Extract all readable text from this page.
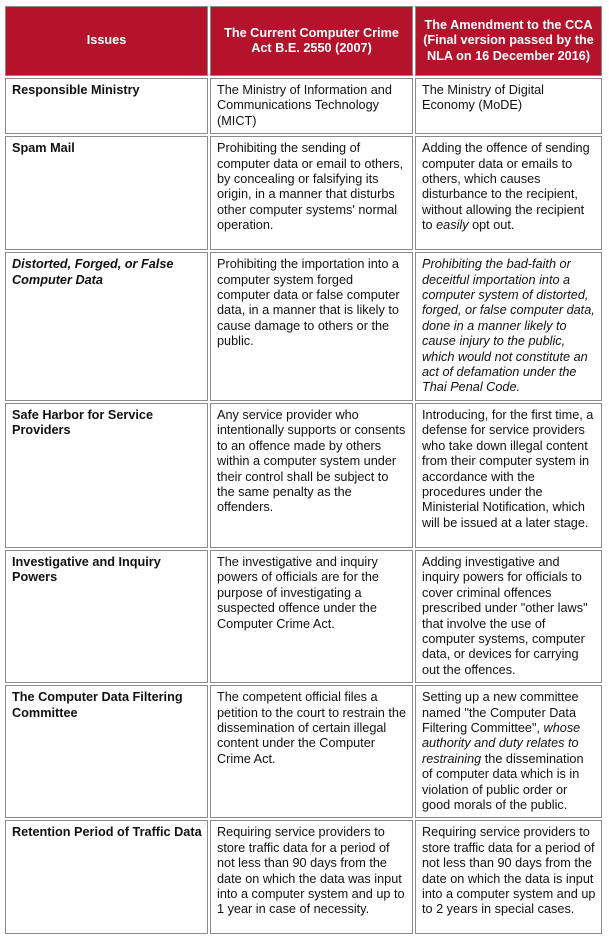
Issues	The Current Computer Crime Act B.E. 2550 (2007)	The Amendment to the CCA (Final version passed by the NLA on 16 December 2016)
Responsible Ministry	The Ministry of Information and Communications Technology (MICT)	The Ministry of Digital Economy (MoDE)
Spam Mail	Prohibiting the sending of computer data or email to others, by concealing or falsifying its origin, in a manner that disturbs other computer systems' normal operation.	Adding the offence of sending computer data or emails to others, which causes disturbance to the recipient, without allowing the recipient to easily opt out.
Distorted, Forged, or False Computer Data	Prohibiting the importation into a computer system forged computer data or false computer data, in a manner that is likely to cause damage to others or the public.	Prohibiting the bad-faith or deceitful importation into a computer system of distorted, forged, or false computer data, done in a manner likely to cause injury to the public, which would not constitute an act of defamation under the Thai Penal Code.
Safe Harbor for Service Providers	Any service provider who intentionally supports or consents to an offence made by others within a computer system under their control shall be subject to the same penalty as the offenders.	Introducing, for the first time, a defense for service providers who take down illegal content from their computer system in accordance with the procedures under the Ministerial Notification, which will be issued at a later stage.
Investigative and Inquiry Powers	The investigative and inquiry powers of officials are for the purpose of investigating a suspected offence under the Computer Crime Act.	Adding investigative and inquiry powers for officials to cover criminal offences prescribed under "other laws" that involve the use of computer systems, computer data, or devices for carrying out the offences.
The Computer Data Filtering Committee	The competent official files a petition to the court to restrain the dissemination of certain illegal content under the Computer Crime Act.	Setting up a new committee named "the Computer Data Filtering Committee", whose authority and duty relates to restraining the dissemination of computer data which is in violation of public order or good morals of the public.
Retention Period of Traffic Data	Requiring service providers to store traffic data for a period of not less than 90 days from the date on which the data was input into a computer system and up to 1 year in case of necessity.	Requiring service providers to store traffic data for a period of not less than 90 days from the date on which the data is input into a computer system and up to 2 years in special cases.
